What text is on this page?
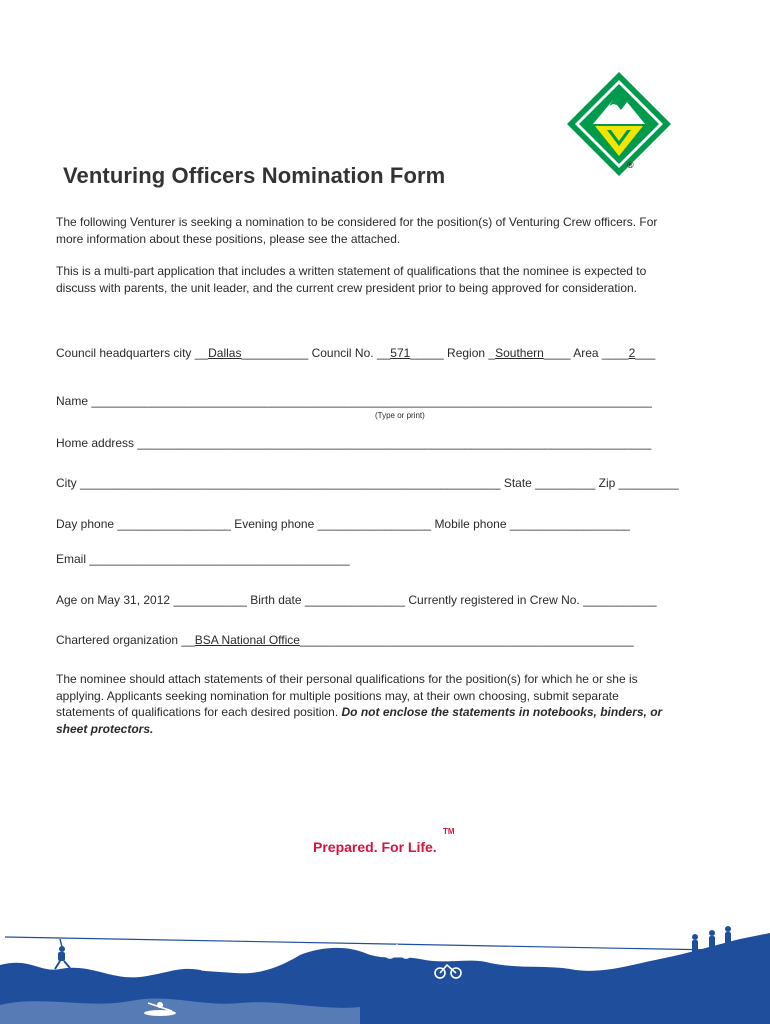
®
Venturing Officers Nomination Form
The following Venturer is seeking a nomination to be considered for the position(s) of Venturing Crew officers. For more information about these positions, please see the attached.
This is a multi-part application that includes a written statement of qualifications that the nominee is expected to discuss with parents, the unit leader, and the current crew president prior to being approved for consideration.
Council headquarters city __Dallas__________ Council No. __571_____ Region _Southern____ Area ____2___
Name ____________________________________________________________________________________
(Type or print)
Home address _____________________________________________________________________________
City _______________________________________________________________ State _________ Zip _________
Day phone _________________ Evening phone _________________ Mobile phone __________________
Email _______________________________________
Age on May 31, 2012 ___________ Birth date _______________ Currently registered in Crew No. ___________
Chartered organization __BSA National Office__________________________________________________
The nominee should attach statements of their personal qualifications for the position(s) for which he or she is applying. Applicants seeking nomination for multiple positions may, at their own choosing, submit separate statements of qualifications for each desired position. Do not enclose the statements in notebooks, binders, or sheet protectors.
Prepared. For Life.
TM
